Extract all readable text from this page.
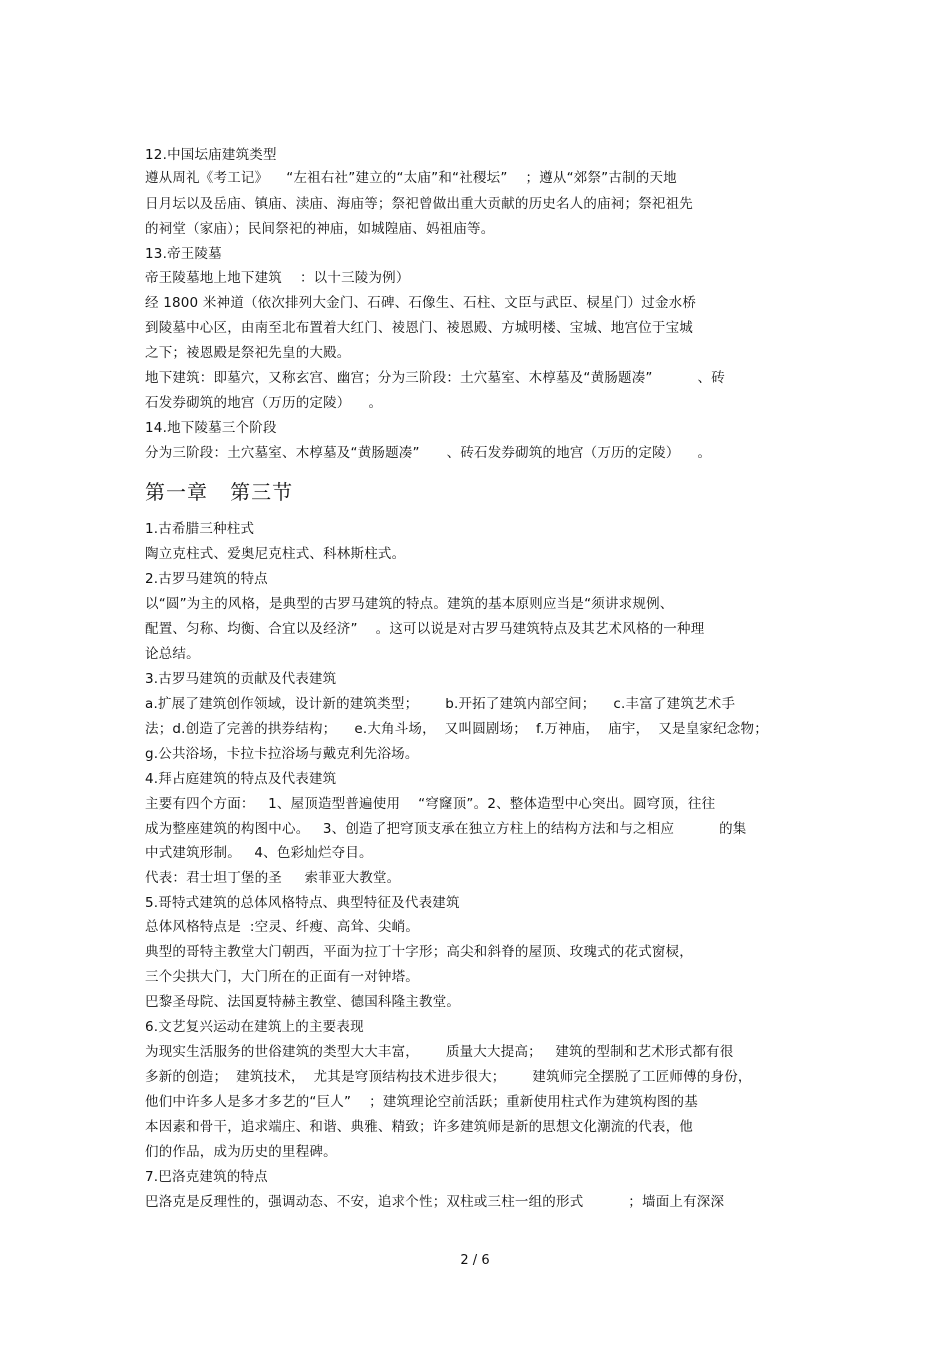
12.中国坛庙建筑类型
遵从周礼《考工记》    “左祖右社”建立的“太庙”和“社稷坛”    ；遵从“郊祭”古制的天地
日月坛以及岳庙、镇庙、渎庙、海庙等；祭祀曾做出重大贡献的历史名人的庙祠；祭祀祖先
的祠堂（家庙）；民间祭祀的神庙，如城隍庙、妈祖庙等。
13.帝王陵墓
帝王陵墓地上地下建筑    ：以十三陵为例）
经 1800 米神道（依次排列大金门、石碑、石像生、石柱、文臣与武臣、棂星门）过金水桥
到陵墓中心区，由南至北布置着大红门、祾恩门、祾恩殿、方城明楼、宝城、地宫位于宝城
之下；祾恩殿是祭祀先皇的大殿。
地下建筑：即墓穴，又称玄宫、幽宫；分为三阶段：土穴墓室、木椁墓及“黄肠题凑”          、砖
石发券砌筑的地宫（万历的定陵）    。
14.地下陵墓三个阶段
分为三阶段：土穴墓室、木椁墓及“黄肠题凑”      、砖石发券砌筑的地宫（万历的定陵）    。
第一章   第三节
1.古希腊三种柱式
陶立克柱式、爱奥尼克柱式、科林斯柱式。
2.古罗马建筑的特点
以“圆”为主的风格，是典型的古罗马建筑的特点。建筑的基本原则应当是“须讲求规例、
配置、匀称、均衡、合宜以及经济”    。这可以说是对古罗马建筑特点及其艺术风格的一种理
论总结。
3.古罗马建筑的贡献及代表建筑
a.扩展了建筑创作领域，设计新的建筑类型；      b.开拓了建筑内部空间；    c.丰富了建筑艺术手
法；d.创造了完善的拱券结构；    e.大角斗场，  又叫圆剧场；  f.万神庙，  庙宇，  又是皇家纪念物；
g.公共浴场，卡拉卡拉浴场与戴克利先浴场。
4.拜占庭建筑的特点及代表建筑
主要有四个方面：   1、屋顶造型普遍使用    “穹窿顶”。2、整体造型中心突出。圆穹顶，往往
成为整座建筑的构图中心。   3、创造了把穹顶支承在独立方柱上的结构方法和与之相应          的集
中式建筑形制。   4、色彩灿烂夺目。
代表：君士坦丁堡的圣     索菲亚大教堂。
5.哥特式建筑的总体风格特点、典型特征及代表建筑
总体风格特点是  :空灵、纤瘦、高耸、尖峭。
典型的哥特主教堂大门朝西，平面为拉丁十字形；高尖和斜脊的屋顶、玫瑰式的花式窗棂，
三个尖拱大门，大门所在的正面有一对钟塔。
巴黎圣母院、法国夏特赫主教堂、德国科隆主教堂。
6.文艺复兴运动在建筑上的主要表现
为现实生活服务的世俗建筑的类型大大丰富，      质量大大提高；   建筑的型制和艺术形式都有很
多新的创造；  建筑技术，  尤其是穹顶结构技术进步很大；      建筑师完全摆脱了工匠师傅的身份，
他们中许多人是多才多艺的“巨人”    ；建筑理论空前活跃；重新使用柱式作为建筑构图的基
本因素和骨干，追求端庄、和谐、典雅、精致；许多建筑师是新的思想文化潮流的代表，他
们的作品，成为历史的里程碑。
7.巴洛克建筑的特点
巴洛克是反理性的，强调动态、不安，追求个性；双柱或三柱一组的形式          ；墙面上有深深
2 / 6
